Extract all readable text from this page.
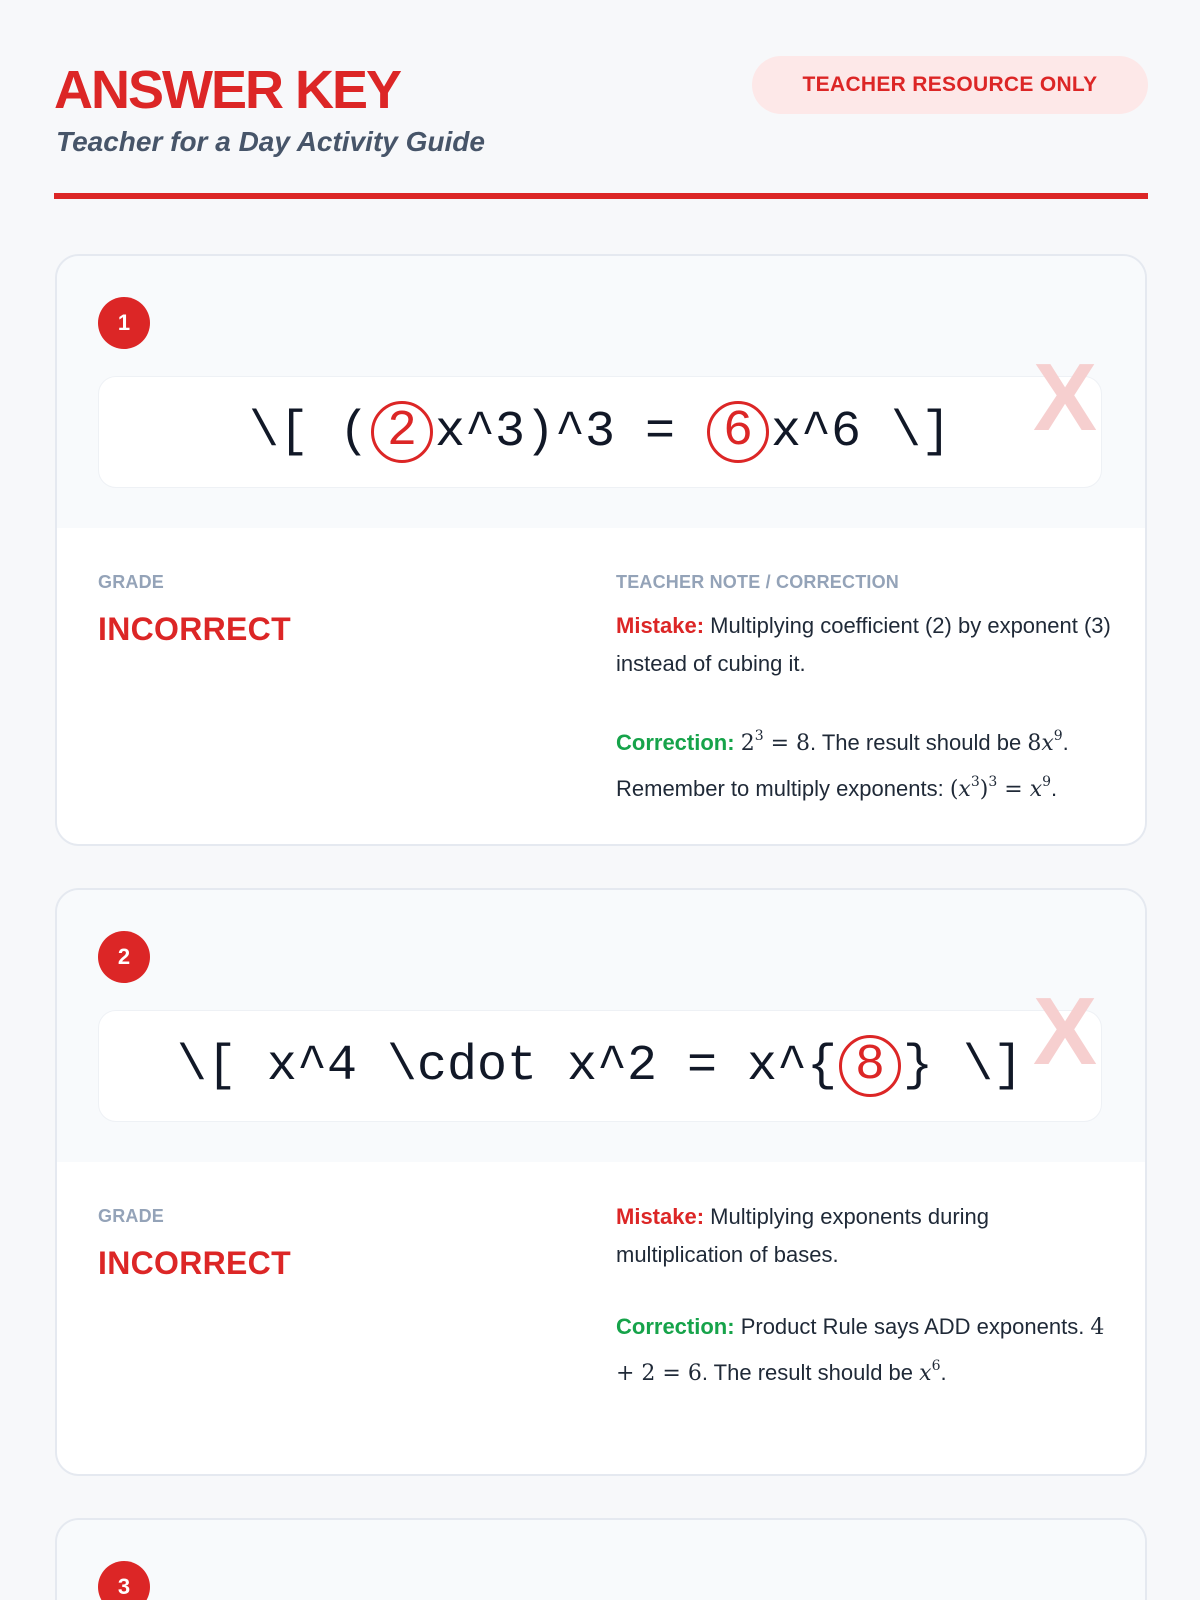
ANSWER KEY
Teacher for a Day Activity Guide
TEACHER RESOURCE ONLY
1
\[ ( 2 x^3)^3 = 6 x^6 \] X
GRADE
INCORRECT
TEACHER NOTE / CORRECTION
Mistake: Multiplying coefficient (2) by exponent (3) instead of cubing it.
Correction: $2^3 = 8$. The result should be $8x^9$. Remember to multiply exponents: $(x^3)^3 = x^9$.
2
\[ x^4 \cdot x^2 = x^{ 8 } \] X
GRADE
INCORRECT
Mistake: Multiplying exponents during multiplication of bases.
Correction: Product Rule says ADD exponents. 4 + 2 = 6. The result should be $x^6$.
3
